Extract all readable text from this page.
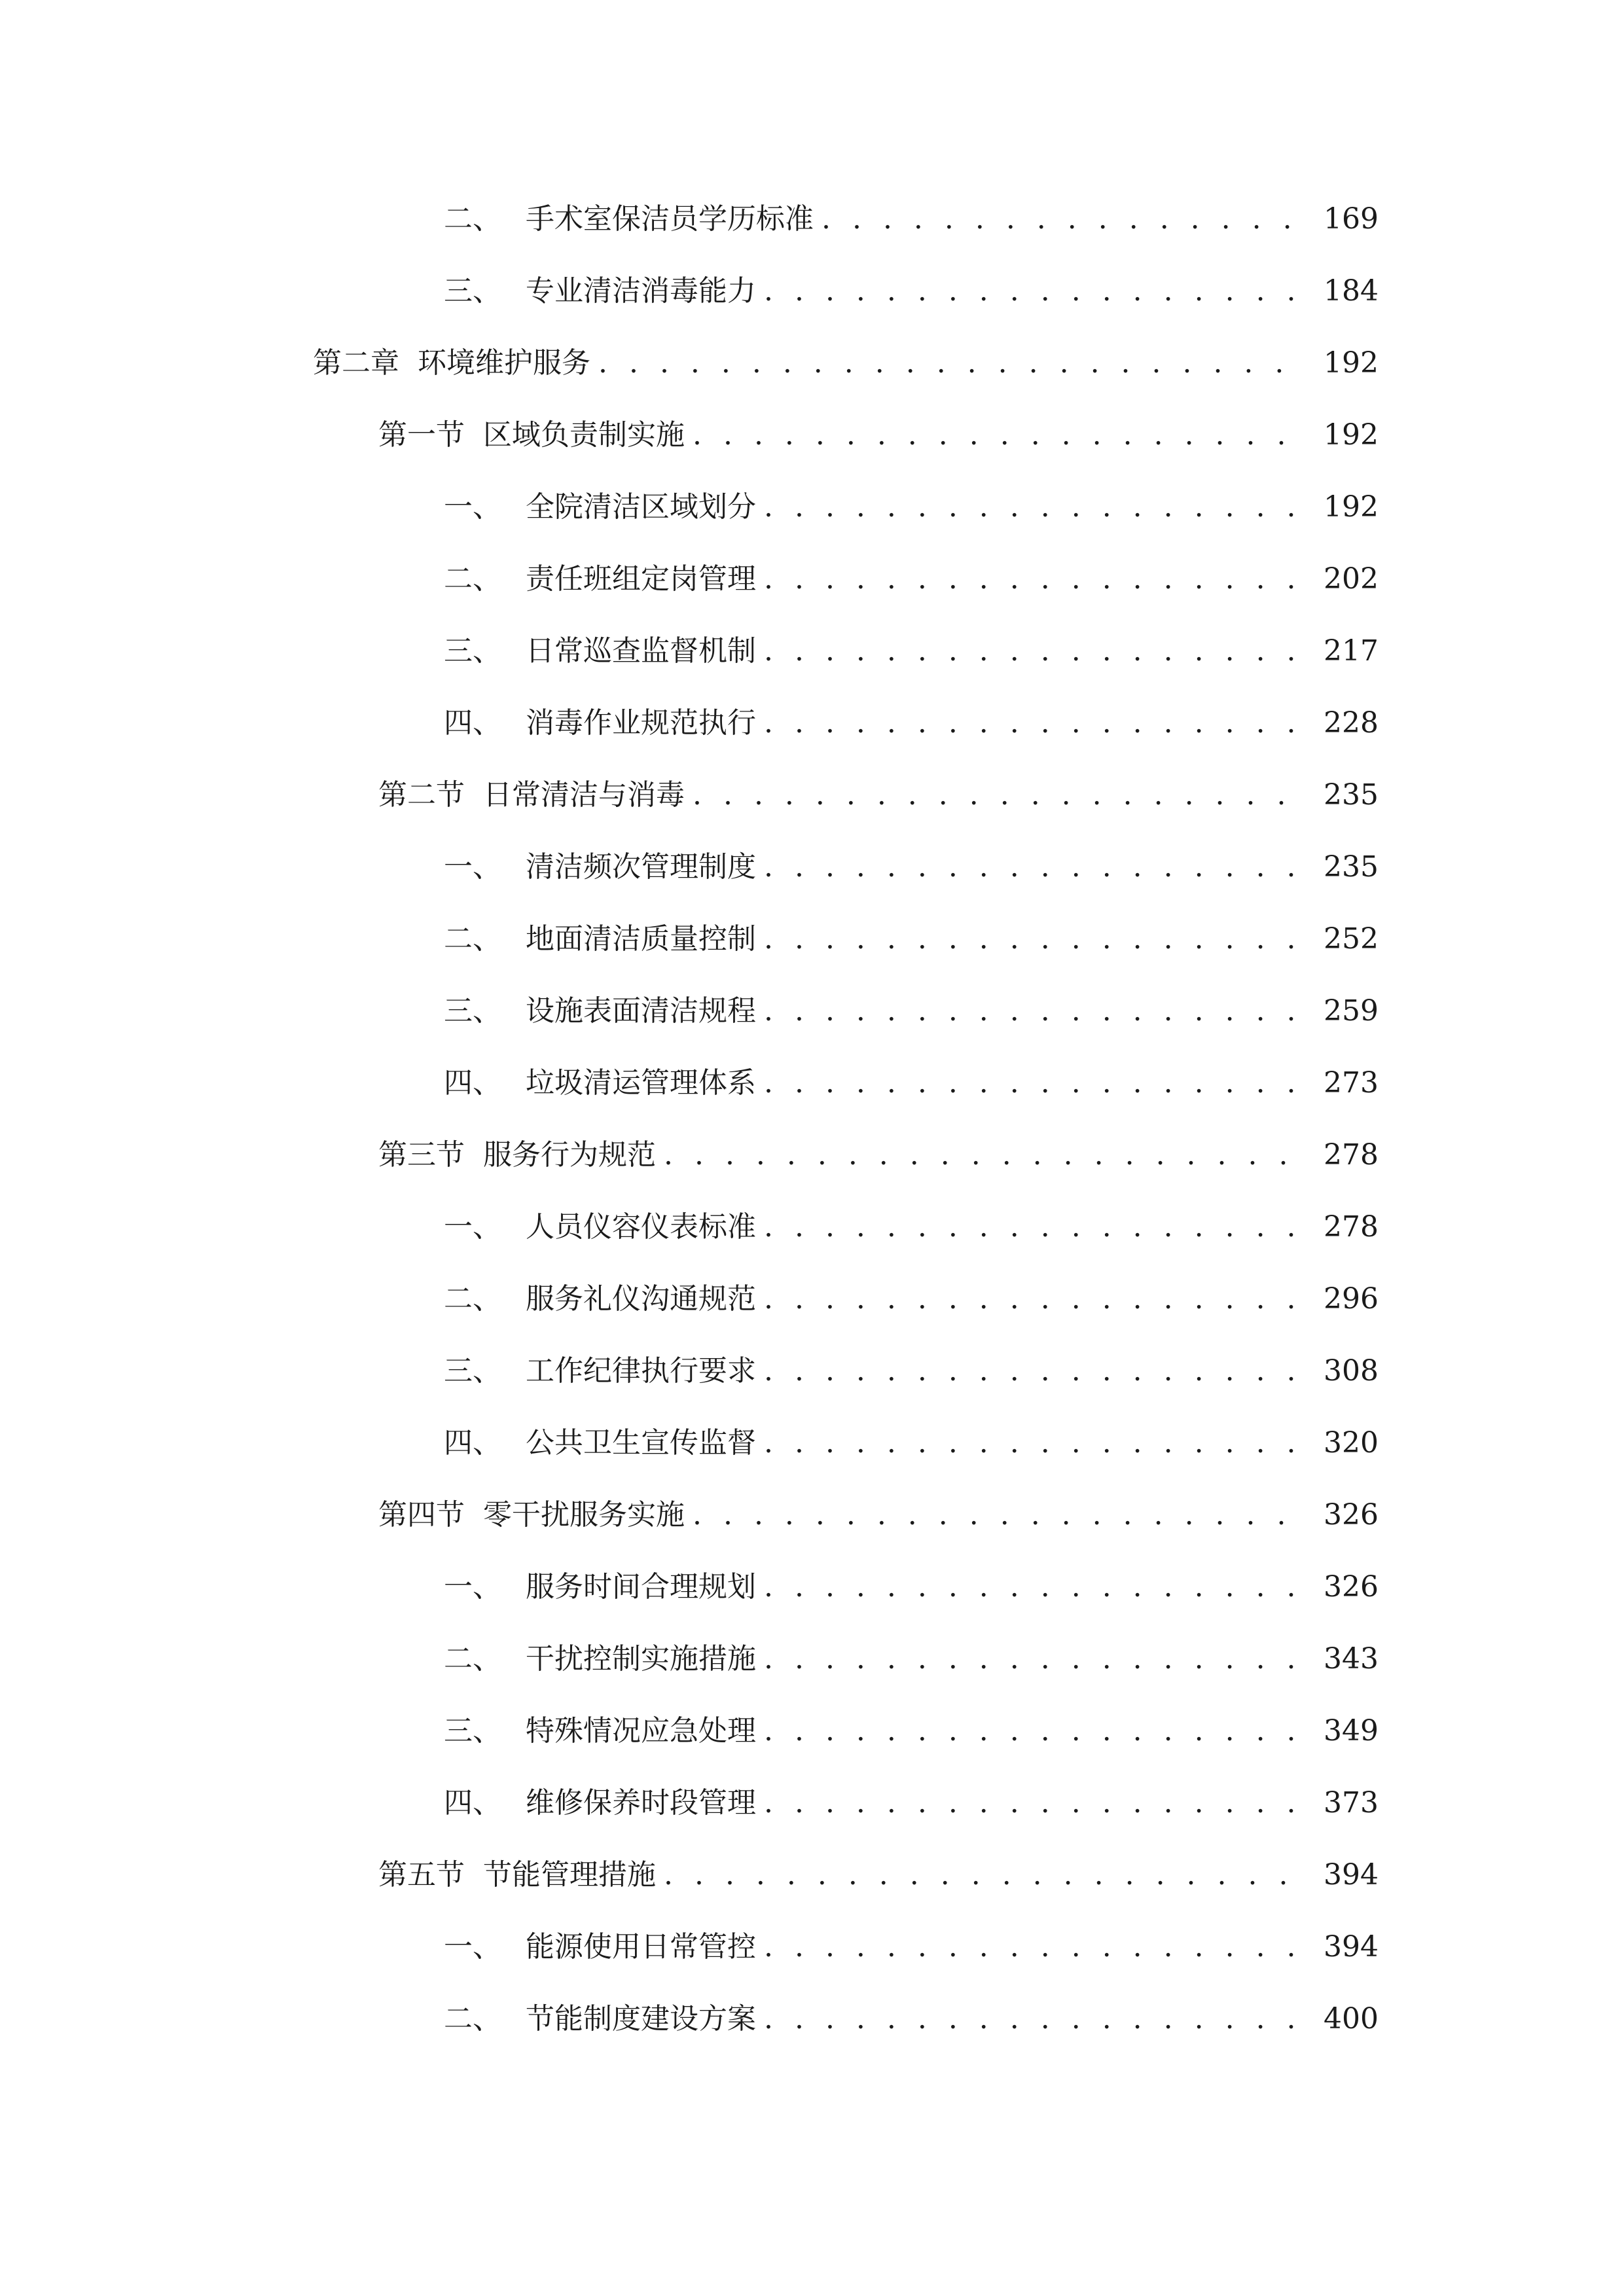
二、 手术室保洁员学历标准 . . .	169
三、 专业清洁消毒能力 . . .	184
第二章 环境维护服务 . . .	192
第一节 区域负责制实施 . . .	192
一、 全院清洁区域划分 . . .	192
二、 责任班组定岗管理 . . .	202
三、 日常巡查监督机制 . . .	217
四、 消毒作业规范执行 . . .	228
第二节 日常清洁与消毒 . . .	235
一、 清洁频次管理制度 . . .	235
二、 地面清洁质量控制 . . .	252
三、 设施表面清洁规程 . . .	259
四、 垃圾清运管理体系 . . .	273
第三节 服务行为规范 . . .	278
一、 人员仪容仪表标准 . . .	278
二、 服务礼仪沟通规范 . . .	296
三、 工作纪律执行要求 . . .	308
四、 公共卫生宣传监督 . . .	320
第四节 零干扰服务实施 . . .	326
一、 服务时间合理规划 . . .	326
二、 干扰控制实施措施 . . .	343
三、 特殊情况应急处理 . . .	349
四、 维修保养时段管理 . . .	373
第五节 节能管理措施 . . .	394
一、 能源使用日常管控 . . .	394
二、 节能制度建设方案 . . .	400
